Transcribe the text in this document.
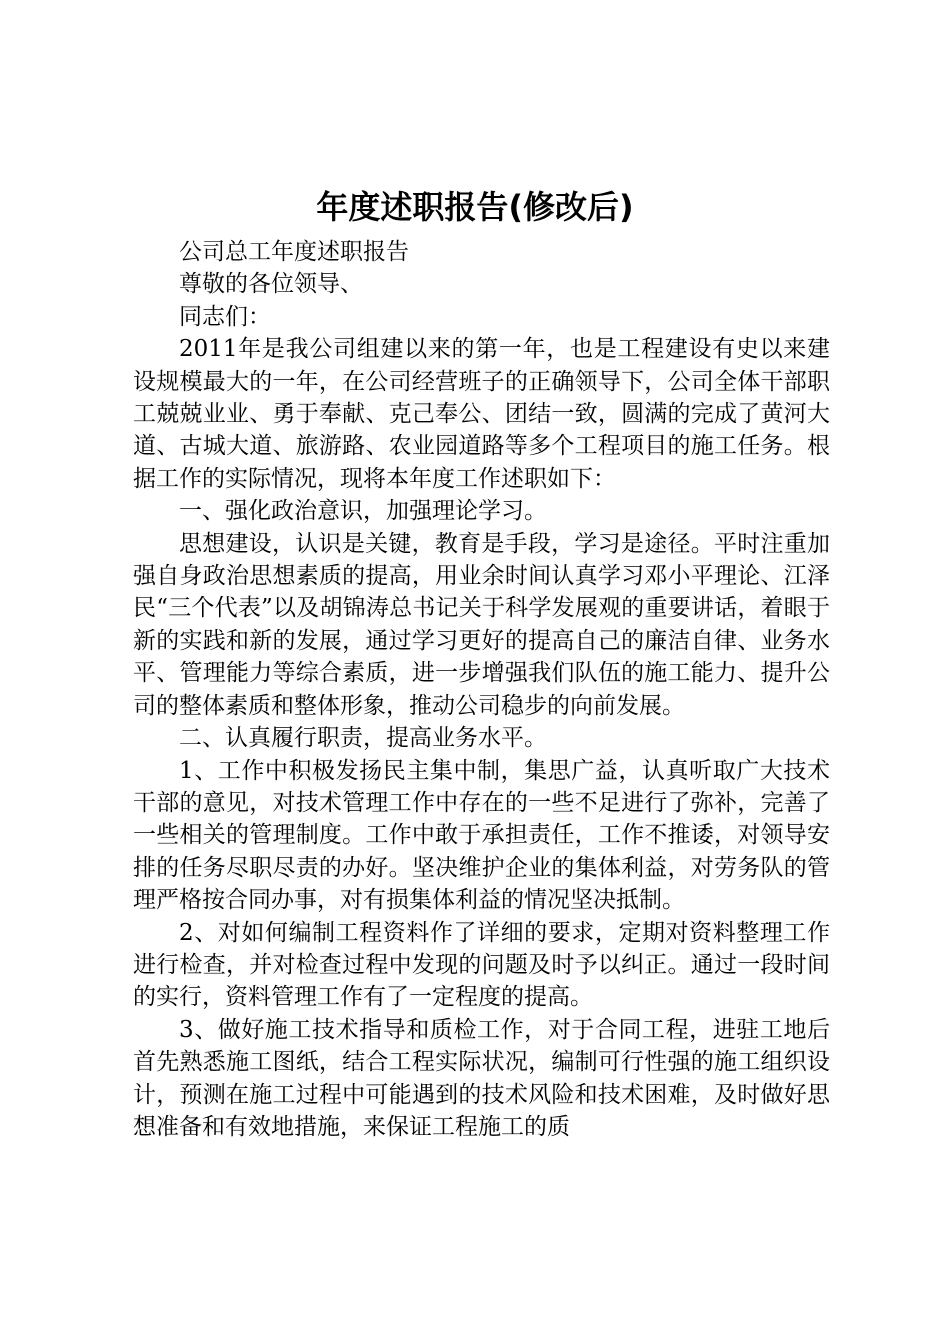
年度述职报告(修改后)

公司总工年度述职报告

尊敬的各位领导、

同志们：

2011年是我公司组建以来的第一年，也是工程建设有史以来建设规模最大的一年，在公司经营班子的正确领导下，公司全体干部职工兢兢业业、勇于奉献、克己奉公、团结一致，圆满的完成了黄河大道、古城大道、旅游路、农业园道路等多个工程项目的施工任务。根据工作的实际情况，现将本年度工作述职如下：

一、强化政治意识，加强理论学习。

思想建设，认识是关键，教育是手段，学习是途径。平时注重加强自身政治思想素质的提高，用业余时间认真学习邓小平理论、江泽民“三个代表”以及胡锦涛总书记关于科学发展观的重要讲话，着眼于新的实践和新的发展，通过学习更好的提高自己的廉洁自律、业务水平、管理能力等综合素质，进一步增强我们队伍的施工能力、提升公司的整体素质和整体形象，推动公司稳步的向前发展。

二、认真履行职责，提高业务水平。

1、工作中积极发扬民主集中制，集思广益，认真听取广大技术干部的意见，对技术管理工作中存在的一些不足进行了弥补，完善了一些相关的管理制度。工作中敢于承担责任，工作不推诿，对领导安排的任务尽职尽责的办好。坚决维护企业的集体利益，对劳务队的管理严格按合同办事，对有损集体利益的情况坚决抵制。

2、对如何编制工程资料作了详细的要求，定期对资料整理工作进行检查，并对检查过程中发现的问题及时予以纠正。通过一段时间的实行，资料管理工作有了一定程度的提高。

3、做好施工技术指导和质检工作，对于合同工程，进驻工地后首先熟悉施工图纸，结合工程实际状况，编制可行性强的施工组织设计，预测在施工过程中可能遇到的技术风险和技术困难，及时做好思想准备和有效地措施，来保证工程施工的质
